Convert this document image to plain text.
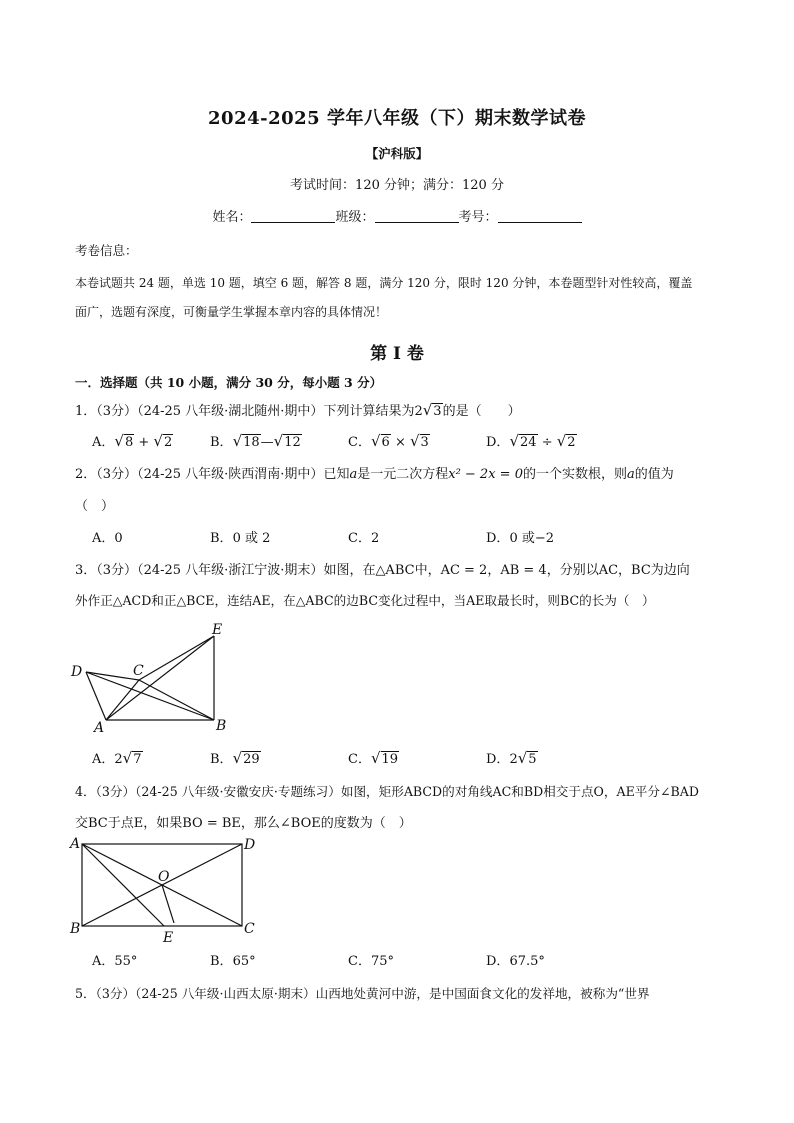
2024-2025 学年八年级（下）期末数学试卷
【沪科版】
考试时间：120 分钟；满分：120 分
姓名：	班级：	考号：
考卷信息：
本卷试题共 24 题，单选 10 题，填空 6 题，解答 8 题，满分 120 分，限时 120 分钟，本卷题型针对性较高，覆盖
面广，选题有深度，可衡量学生掌握本章内容的具体情况！
第 I 卷
一．选择题（共 10 小题，满分 30 分，每小题 3 分）
1．（3分）（24-25 八年级·湖北随州·期中）下列计算结果为2√3的是（　　）
A．√8 + √2	B．√18—√12	C．√6 × √3	D．√24 ÷ √2
2．（3分）（24-25 八年级·陕西渭南·期中）已知a是一元二次方程x² − 2x = 0的一个实数根，则a的值为
（　）
A．0	B．0 或 2	C．2	D．0 或−2
3．（3分）（24-25 八年级·浙江宁波·期末）如图，在△ABC中，AC = 2，AB = 4，分别以AC，BC为边向
外作正△ACD和正△BCE，连结AE，在△ABC的边BC变化过程中，当AE取最长时，则BC的长为（　）
E
D	C
A	B
A．2√7	B．√29	C．√19	D．2√5
4．（3分）（24-25 八年级·安徽安庆·专题练习）如图，矩形ABCD的对角线AC和BD相交于点O，AE平分∠BAD
交BC于点E，如果BO = BE，那么∠BOE的度数为（　）
A	D
O
B
E
C
A．55°	B．65°	C．75°	D．67.5°
5．（3分）（24-25 八年级·山西太原·期末）山西地处黄河中游，是中国面食文化的发祥地，被称为“世界
